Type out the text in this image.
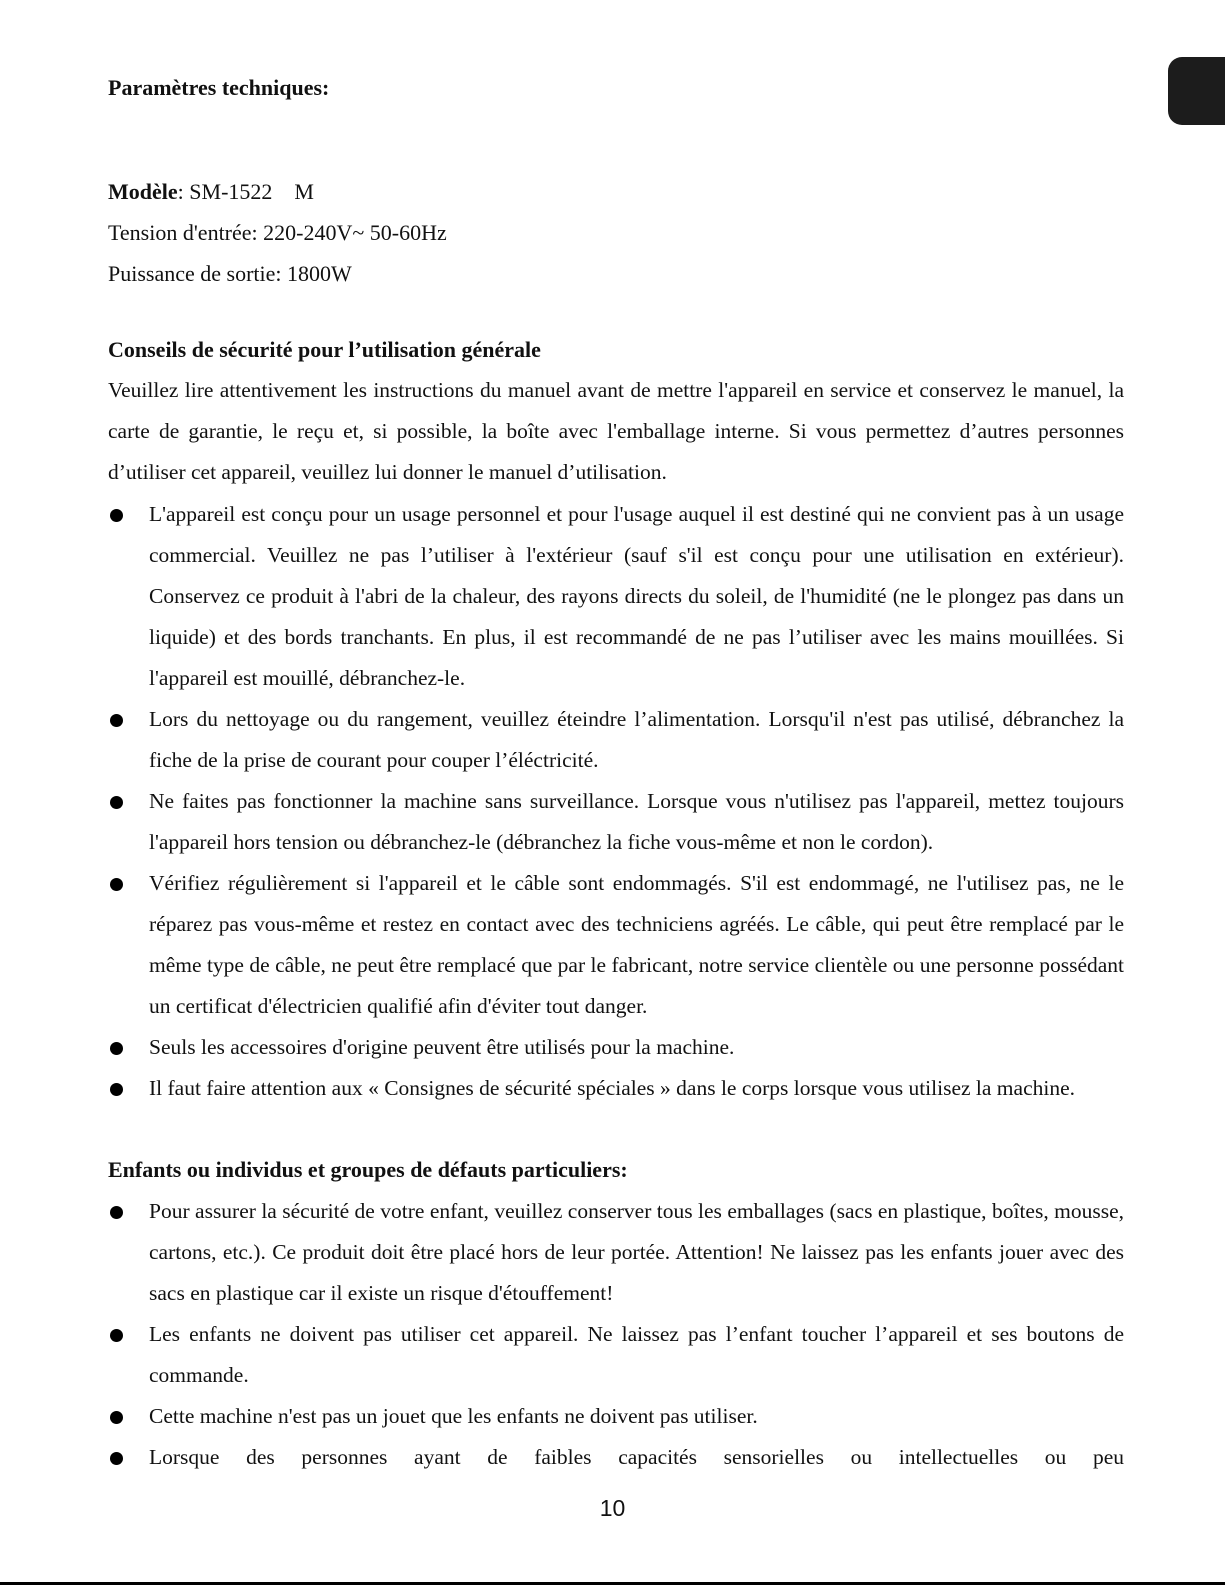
Paramètres techniques:
Modèle: SM-1522    M
Tension d'entrée: 220-240V~ 50-60Hz
Puissance de sortie: 1800W
Conseils de sécurité pour l’utilisation générale
Veuillez lire attentivement les instructions du manuel avant de mettre l'appareil en service et conservez le manuel, la carte de garantie, le reçu et, si possible, la boîte avec l'emballage interne. Si vous permettez d’autres personnes d’utiliser cet appareil, veuillez lui donner le manuel d’utilisation.
L'appareil est conçu pour un usage personnel et pour l'usage auquel il est destiné qui ne convient pas à un usage commercial. Veuillez ne pas l’utiliser à l'extérieur (sauf s'il est conçu pour une utilisation en extérieur). Conservez ce produit à l'abri de la chaleur, des rayons directs du soleil, de l'humidité (ne le plongez pas dans un liquide) et des bords tranchants. En plus, il est recommandé de ne pas l’utiliser avec les mains mouillées. Si l'appareil est mouillé, débranchez-le.
Lors du nettoyage ou du rangement, veuillez éteindre l’alimentation. Lorsqu'il n'est pas utilisé, débranchez la fiche de la prise de courant pour couper l’éléctricité.
Ne faites pas fonctionner la machine sans surveillance. Lorsque vous n'utilisez pas l'appareil, mettez toujours l'appareil hors tension ou débranchez-le (débranchez la fiche vous-même et non le cordon).
Vérifiez régulièrement si l'appareil et le câble sont endommagés. S'il est endommagé, ne l'utilisez pas, ne le réparez pas vous-même et restez en contact avec des techniciens agréés. Le câble, qui peut être remplacé par le même type de câble, ne peut être remplacé que par le fabricant, notre service clientèle ou une personne possédant un certificat d'électricien qualifié afin d'éviter tout danger.
Seuls les accessoires d'origine peuvent être utilisés pour la machine.
Il faut faire attention aux « Consignes de sécurité spéciales » dans le corps lorsque vous utilisez la machine.
Enfants ou individus et groupes de défauts particuliers:
Pour assurer la sécurité de votre enfant, veuillez conserver tous les emballages (sacs en plastique, boîtes, mousse, cartons, etc.). Ce produit doit être placé hors de leur portée. Attention! Ne laissez pas les enfants jouer avec des sacs en plastique car il existe un risque d'étouffement!
Les enfants ne doivent pas utiliser cet appareil. Ne laissez pas l’enfant toucher l’appareil et ses boutons de commande.
Cette machine n'est pas un jouet que les enfants ne doivent pas utiliser.
Lorsque des personnes ayant de faibles capacités sensorielles ou intellectuelles ou peu
10
